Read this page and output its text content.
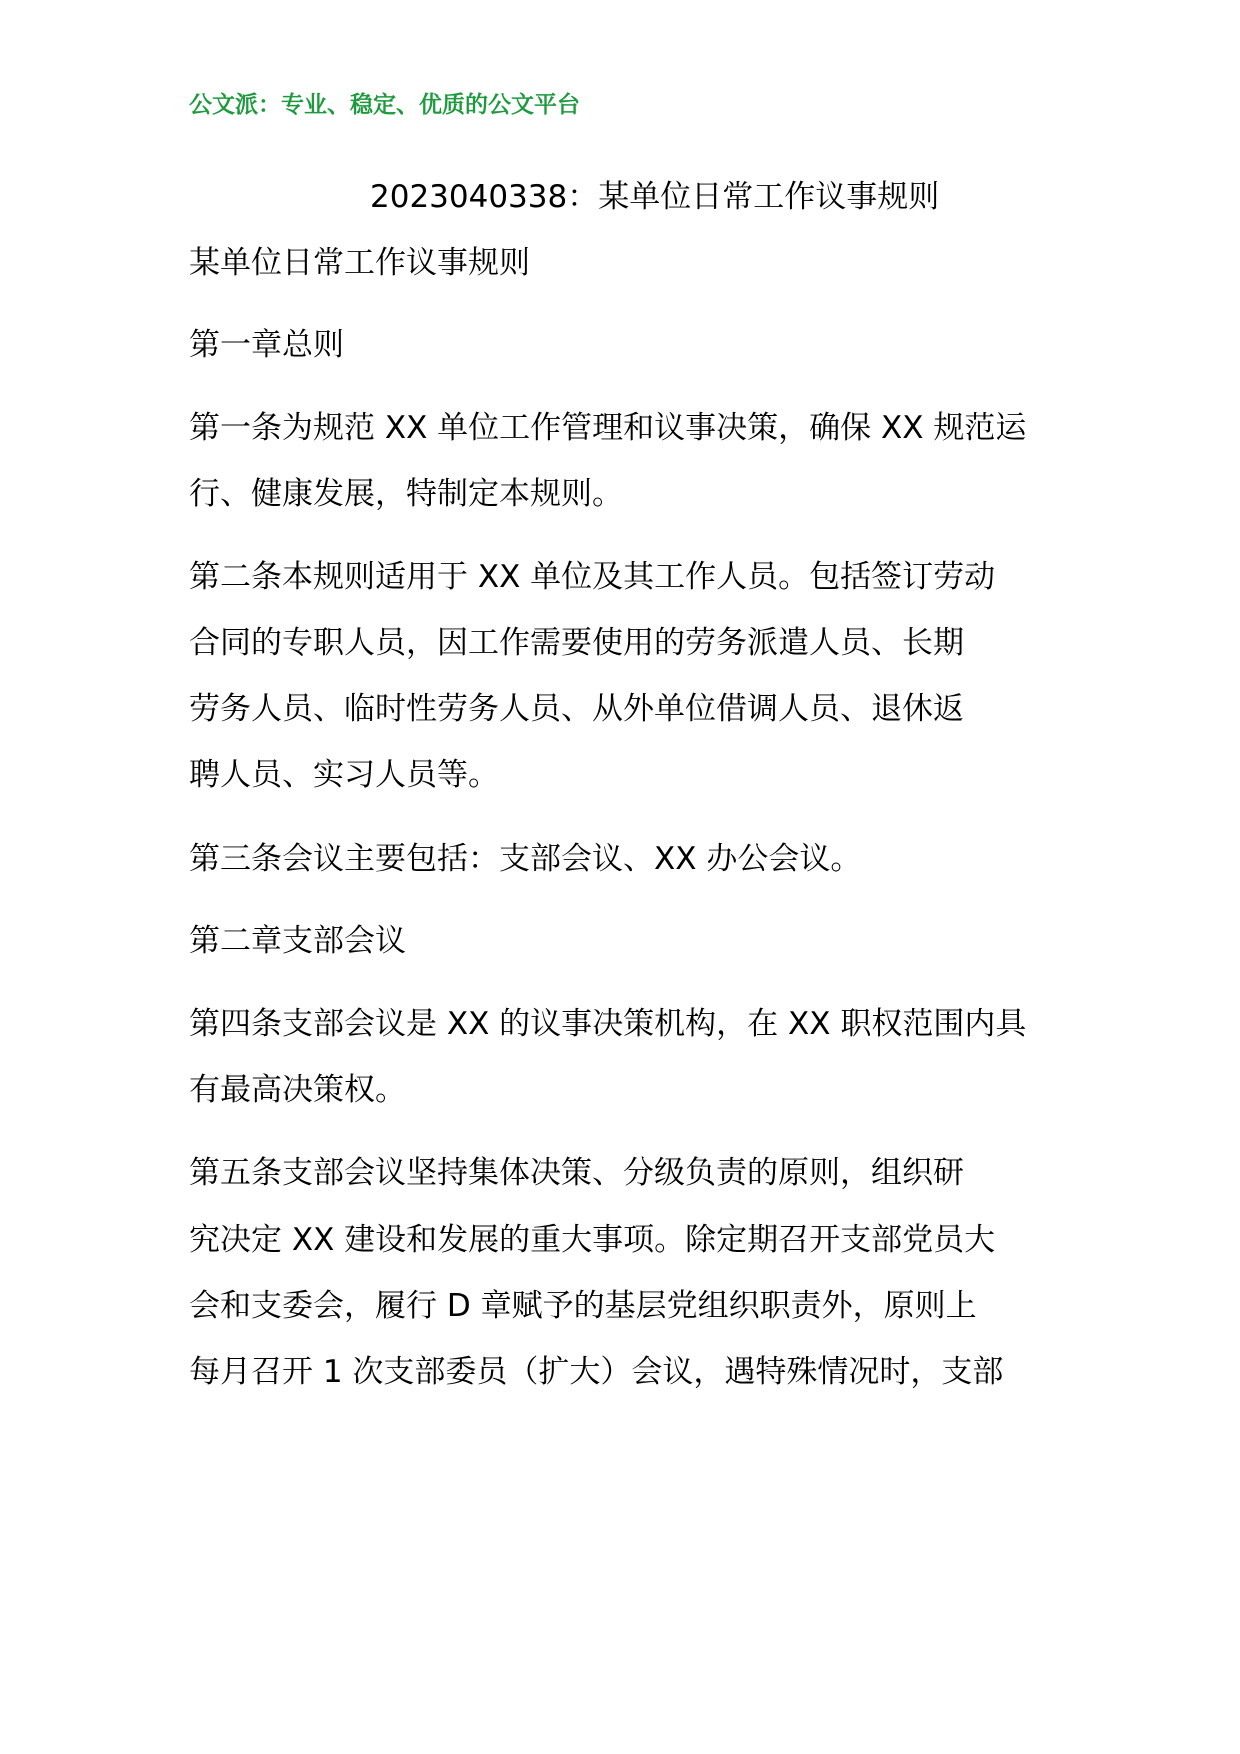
公文派：专业、稳定、优质的公文平台
2023040338：某单位日常工作议事规则
某单位日常工作议事规则
第一章总则
第一条为规范 XX 单位工作管理和议事决策，确保 XX 规范运
行、健康发展，特制定本规则。
第二条本规则适用于 XX 单位及其工作人员。包括签订劳动
合同的专职人员，因工作需要使用的劳务派遣人员、长期
劳务人员、临时性劳务人员、从外单位借调人员、退休返
聘人员、实习人员等。
第三条会议主要包括：支部会议、XX 办公会议。
第二章支部会议
第四条支部会议是 XX 的议事决策机构，在 XX 职权范围内具
有最高决策权。
第五条支部会议坚持集体决策、分级负责的原则，组织研
究决定 XX 建设和发展的重大事项。除定期召开支部党员大
会和支委会，履行 D 章赋予的基层党组织职责外，原则上
每月召开 1 次支部委员（扩大）会议，遇特殊情况时，支部
